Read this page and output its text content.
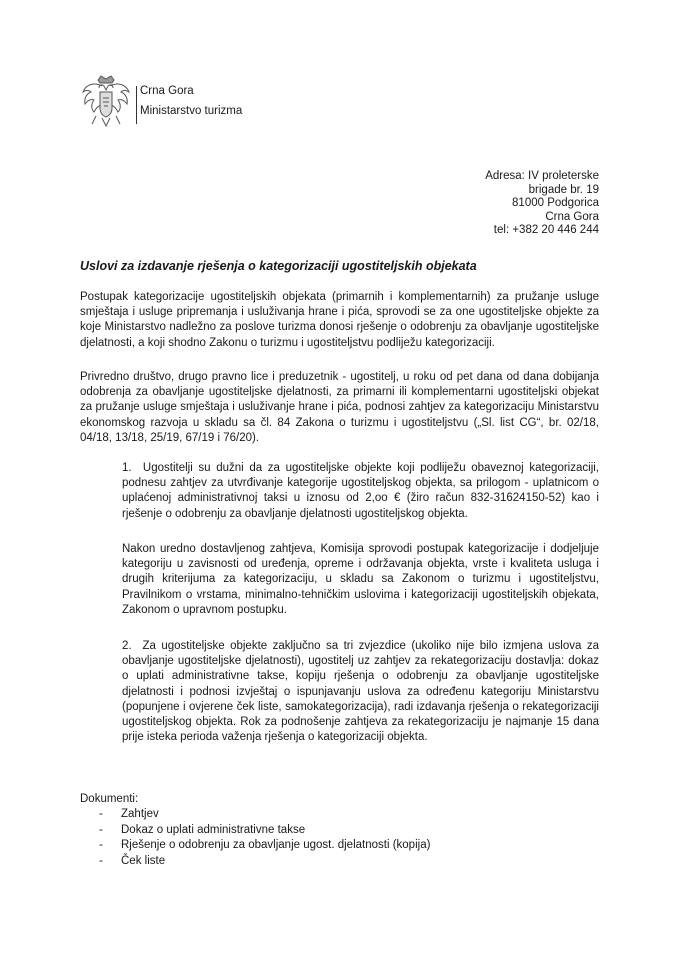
Crna Gora
Ministarstvo turizma
Adresa: IV proleterske
brigade br. 19
81000 Podgorica
Crna Gora
tel: +382 20 446 244
Uslovi za izdavanje rješenja o kategorizaciji ugostiteljskih objekata

Postupak kategorizacije ugostiteljskih objekata (primarnih i komplementarnih) za pružanje usluge smještaja i usluge pripremanja i usluživanja hrane i pića, sprovodi se za one ugostiteljske objekte za koje Ministarstvo nadležno za poslove turizma donosi rješenje o odobrenju za obavljanje ugostiteljske djelatnosti, a koji shodno Zakonu o turizmu i ugostiteljstvu podliježu kategorizaciji.

Privredno društvo, drugo pravno lice i preduzetnik - ugostitelj, u roku od pet dana od dana dobijanja odobrenja za obavljanje ugostiteljske djelatnosti, za primarni ili komplementarni ugostiteljski objekat za pružanje usluge smještaja i usluživanje hrane i pića, podnosi zahtjev za kategorizaciju Ministarstvu ekonomskog razvoja u skladu sa čl. 84 Zakona o turizmu i ugostiteljstvu („Sl. list CG“, br. 02/18, 04/18, 13/18, 25/19, 67/19 i 76/20).

1. Ugostitelji su dužni da za ugostiteljske objekte koji podliježu obaveznoj kategorizaciji, podnesu zahtjev za utvrđivanje kategorije ugostiteljskog objekta, sa prilogom - uplatnicom o uplaćenoj administrativnoj taksi u iznosu od 2,oo € (žiro račun 832-31624150-52) kao i rješenje o odobrenju za obavljanje djelatnosti ugostiteljskog objekta.

Nakon uredno dostavljenog zahtjeva, Komisija sprovodi postupak kategorizacije i dodjeljuje kategoriju u zavisnosti od uređenja, opreme i održavanja objekta, vrste i kvaliteta usluga i drugih kriterijuma za kategorizaciju, u skladu sa Zakonom o turizmu i ugostiteljstvu, Pravilnikom o vrstama, minimalno-tehničkim uslovima i kategorizaciji ugostiteljskih objekata, Zakonom o upravnom postupku.

2. Za ugostiteljske objekte zaključno sa tri zvjezdice (ukoliko nije bilo izmjena uslova za obavljanje ugostiteljske djelatnosti), ugostitelj uz zahtjev za rekategorizaciju dostavlja: dokaz o uplati administrativne takse, kopiju rješenja o odobrenju za obavljanje ugostiteljske djelatnosti i podnosi izvještaj o ispunjavanju uslova za određenu kategoriju Ministarstvu (popunjene i ovjerene ček liste, samokategorizacija), radi izdavanja rješenja o rekategorizaciji ugostiteljskog objekta. Rok za podnošenje zahtjeva za rekategorizaciju je najmanje 15 dana prije isteka perioda važenja rješenja o kategorizaciji objekta.

Dokumenti:

- Zahtjev
- Dokaz o uplati administrativne takse
- Rješenje o odobrenju za obavljanje ugost. djelatnosti (kopija)
- Ček liste
